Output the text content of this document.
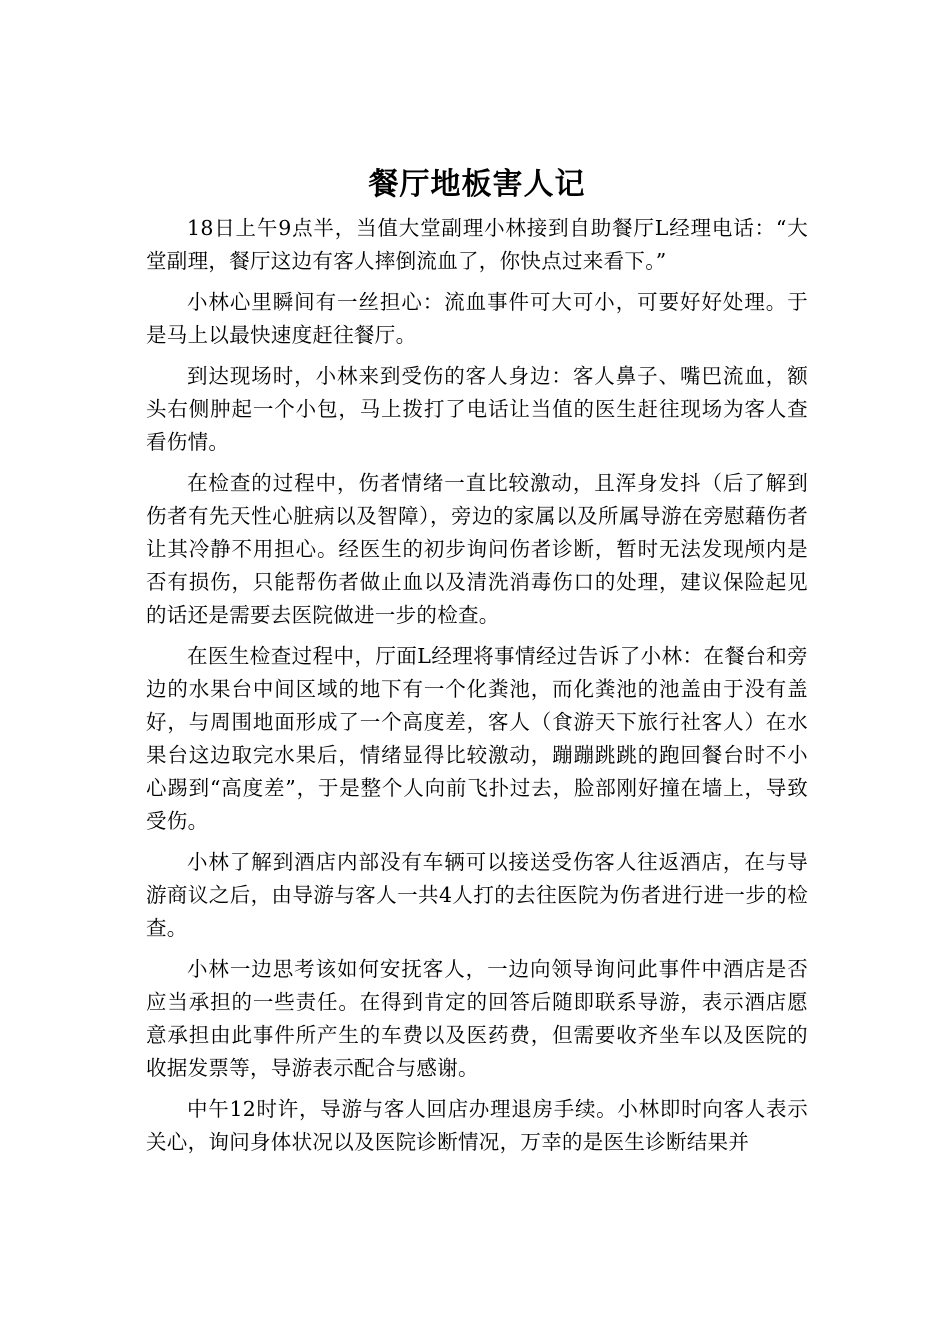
餐厅地板害人记

18日上午9点半，当值大堂副理小林接到自助餐厅L经理电话：“大堂副理，餐厅这边有客人摔倒流血了，你快点过来看下。”

小林心里瞬间有一丝担心：流血事件可大可小，可要好好处理。于是马上以最快速度赶往餐厅。

到达现场时，小林来到受伤的客人身边：客人鼻子、嘴巴流血，额头右侧肿起一个小包，马上拨打了电话让当值的医生赶往现场为客人查看伤情。

在检查的过程中，伤者情绪一直比较激动，且浑身发抖（后了解到伤者有先天性心脏病以及智障），旁边的家属以及所属导游在旁慰藉伤者让其冷静不用担心。经医生的初步询问伤者诊断，暂时无法发现颅内是否有损伤，只能帮伤者做止血以及清洗消毒伤口的处理，建议保险起见的话还是需要去医院做进一步的检查。

在医生检查过程中，厅面L经理将事情经过告诉了小林：在餐台和旁边的水果台中间区域的地下有一个化粪池，而化粪池的池盖由于没有盖好，与周围地面形成了一个高度差，客人（食游天下旅行社客人）在水果台这边取完水果后，情绪显得比较激动，蹦蹦跳跳的跑回餐台时不小心踢到“高度差”，于是整个人向前飞扑过去，脸部刚好撞在墙上，导致受伤。

小林了解到酒店内部没有车辆可以接送受伤客人往返酒店，在与导游商议之后，由导游与客人一共4人打的去往医院为伤者进行进一步的检查。

小林一边思考该如何安抚客人，一边向领导询问此事件中酒店是否应当承担的一些责任。在得到肯定的回答后随即联系导游，表示酒店愿意承担由此事件所产生的车费以及医药费，但需要收齐坐车以及医院的收据发票等，导游表示配合与感谢。

中午12时许，导游与客人回店办理退房手续。小林即时向客人表示关心，询问身体状况以及医院诊断情况，万幸的是医生诊断结果并
